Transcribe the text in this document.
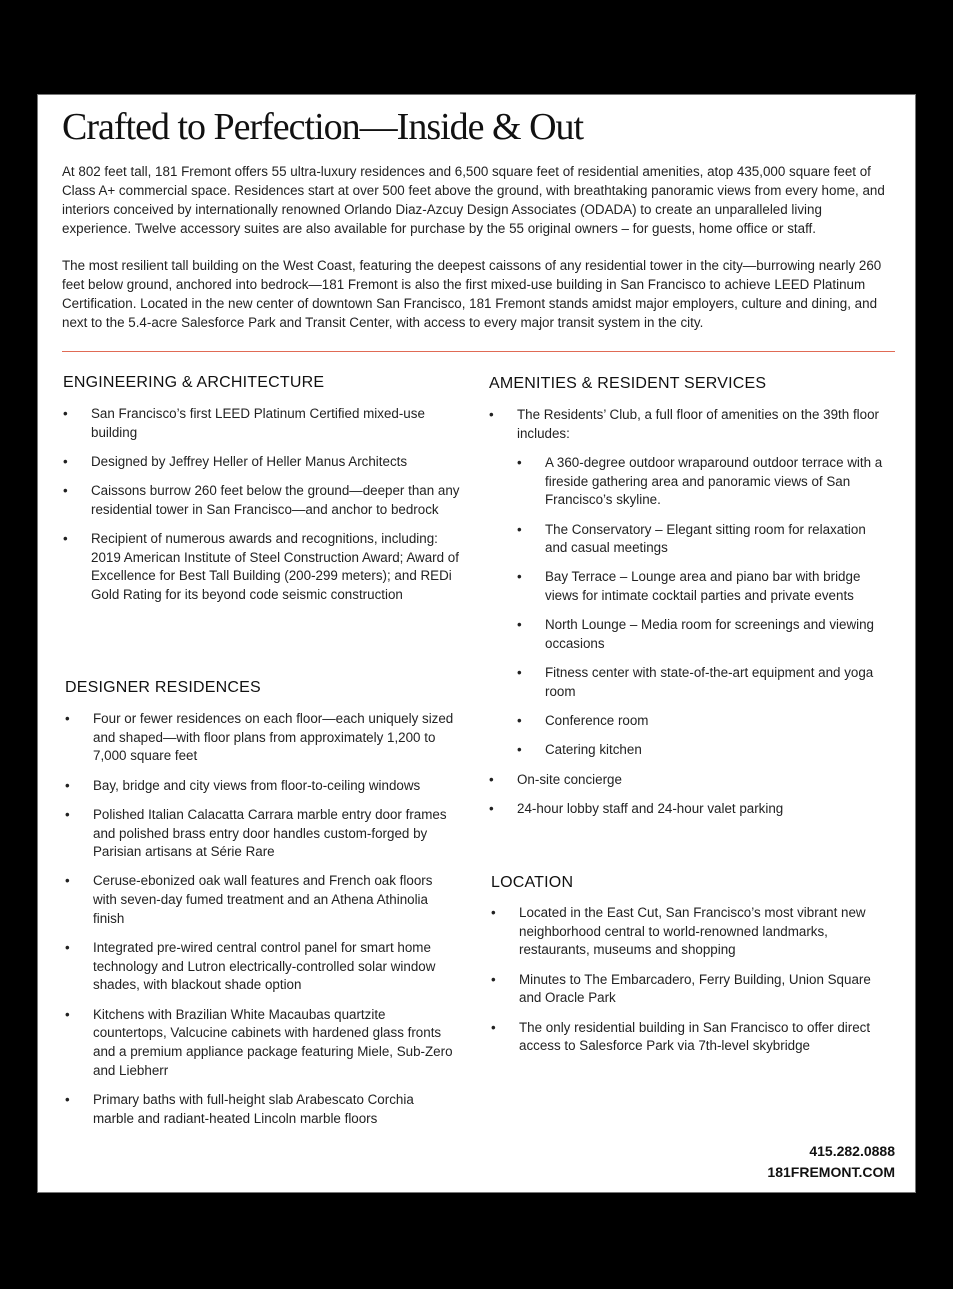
Crafted to Perfection—Inside & Out

At 802 feet tall, 181 Fremont offers 55 ultra-luxury residences and 6,500 square feet of residential amenities, atop 435,000 square feet of Class A+ commercial space. Residences start at over 500 feet above the ground, with breathtaking panoramic views from every home, and interiors conceived by internationally renowned Orlando Diaz-Azcuy Design Associates (ODADA) to create an unparalleled living experience. Twelve accessory suites are also available for purchase by the 55 original owners – for guests, home office or staff.

The most resilient tall building on the West Coast, featuring the deepest caissons of any residential tower in the city—burrowing nearly 260 feet below ground, anchored into bedrock—181 Fremont is also the first mixed-use building in San Francisco to achieve LEED Platinum Certification. Located in the new center of downtown San Francisco, 181 Fremont stands amidst major employers, culture and dining, and next to the 5.4-acre Salesforce Park and Transit Center, with access to every major transit system in the city.

ENGINEERING & ARCHITECTURE
• San Francisco’s first LEED Platinum Certified mixed-use building
• Designed by Jeffrey Heller of Heller Manus Architects
• Caissons burrow 260 feet below the ground—deeper than any residential tower in San Francisco—and anchor to bedrock
• Recipient of numerous awards and recognitions, including: 2019 American Institute of Steel Construction Award; Award of Excellence for Best Tall Building (200-299 meters); and REDi Gold Rating for its beyond code seismic construction
DESIGNER RESIDENCES
• Four or fewer residences on each floor—each uniquely sized and shaped—with floor plans from approximately 1,200 to 7,000 square feet
• Bay, bridge and city views from floor-to-ceiling windows
• Polished Italian Calacatta Carrara marble entry door frames and polished brass entry door handles custom-forged by Parisian artisans at Série Rare
• Ceruse-ebonized oak wall features and French oak floors with seven-day fumed treatment and an Athena Athinolia finish
• Integrated pre-wired central control panel for smart home technology and Lutron electrically-controlled solar window shades, with blackout shade option
• Kitchens with Brazilian White Macaubas quartzite countertops, Valcucine cabinets with hardened glass fronts and a premium appliance package featuring Miele, Sub-Zero and Liebherr
• Primary baths with full-height slab Arabescato Corchia marble and radiant-heated Lincoln marble floors
AMENITIES & RESIDENT SERVICES
• The Residents’ Club, a full floor of amenities on the 39th floor includes:
• A 360-degree outdoor wraparound outdoor terrace with a fireside gathering area and panoramic views of San Francisco’s skyline.
• The Conservatory – Elegant sitting room for relaxation and casual meetings
• Bay Terrace – Lounge area and piano bar with bridge views for intimate cocktail parties and private events
• North Lounge – Media room for screenings and viewing occasions
• Fitness center with state-of-the-art equipment and yoga room
• Conference room
• Catering kitchen
• On-site concierge
• 24-hour lobby staff and 24-hour valet parking
LOCATION
• Located in the East Cut, San Francisco’s most vibrant new neighborhood central to world-renowned landmarks, restaurants, museums and shopping
• Minutes to The Embarcadero, Ferry Building, Union Square and Oracle Park
• The only residential building in San Francisco to offer direct access to Salesforce Park via 7th-level skybridge
415.282.0888
181FREMONT.COM
